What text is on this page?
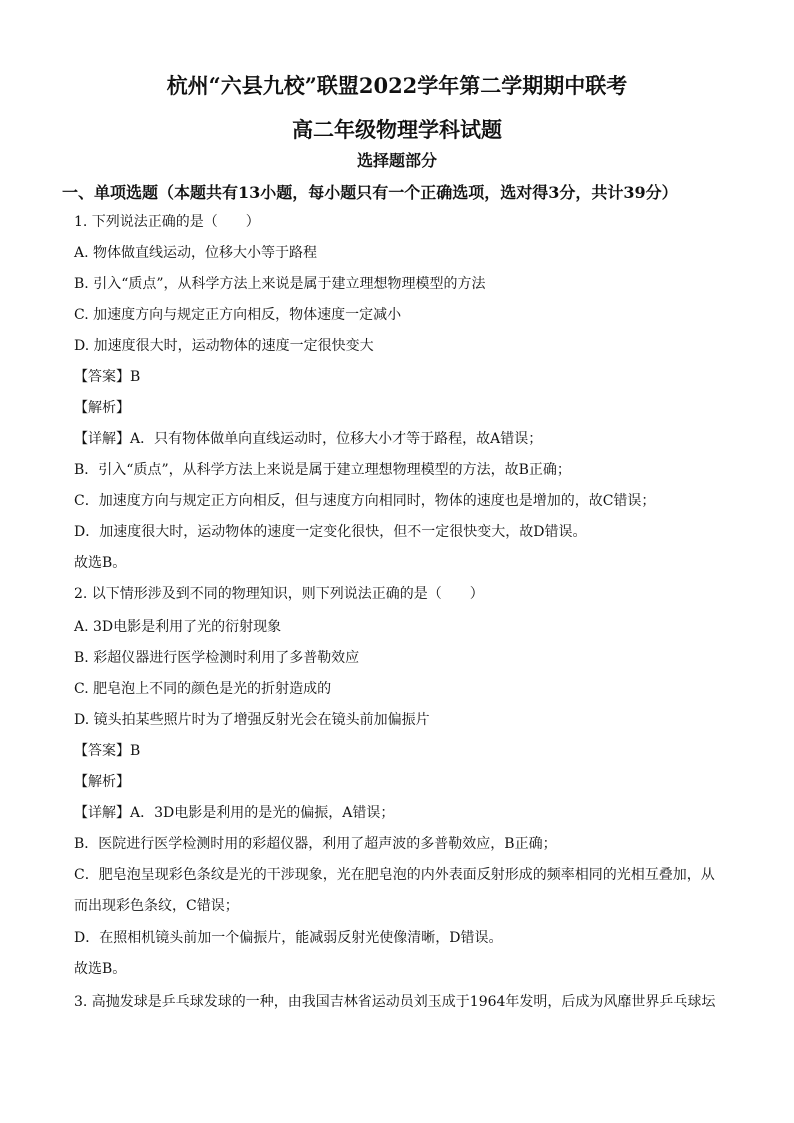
杭州“六县九校”联盟2022学年第二学期期中联考
高二年级物理学科试题
选择题部分
一、单项选题（本题共有13小题，每小题只有一个正确选项，选对得3分，共计39分）
1. 下列说法正确的是（　　）
A. 物体做直线运动，位移大小等于路程
B. 引入“质点”，从科学方法上来说是属于建立理想物理模型的方法
C. 加速度方向与规定正方向相反，物体速度一定减小
D. 加速度很大时，运动物体的速度一定很快变大
【答案】B
【解析】
【详解】A．只有物体做单向直线运动时，位移大小才等于路程，故A错误；
B．引入“质点”，从科学方法上来说是属于建立理想物理模型的方法，故B正确；
C．加速度方向与规定正方向相反，但与速度方向相同时，物体的速度也是增加的，故C错误；
D．加速度很大时，运动物体的速度一定变化很快，但不一定很快变大，故D错误。
故选B。
2. 以下情形涉及到不同的物理知识，则下列说法正确的是（　　）
A. 3D电影是利用了光的衍射现象
B. 彩超仪器进行医学检测时利用了多普勒效应
C. 肥皂泡上不同的颜色是光的折射造成的
D. 镜头拍某些照片时为了增强反射光会在镜头前加偏振片
【答案】B
【解析】
【详解】A．3D电影是利用的是光的偏振，A错误；
B．医院进行医学检测时用的彩超仪器，利用了超声波的多普勒效应，B正确；
C．肥皂泡呈现彩色条纹是光的干涉现象，光在肥皂泡的内外表面反射形成的频率相同的光相互叠加，从而出现彩色条纹，C错误；
D．在照相机镜头前加一个偏振片，能减弱反射光使像清晰，D错误。
故选B。
3. 高抛发球是乒乓球发球的一种，由我国吉林省运动员刘玉成于1964年发明，后成为风靡世界乒乓球坛
